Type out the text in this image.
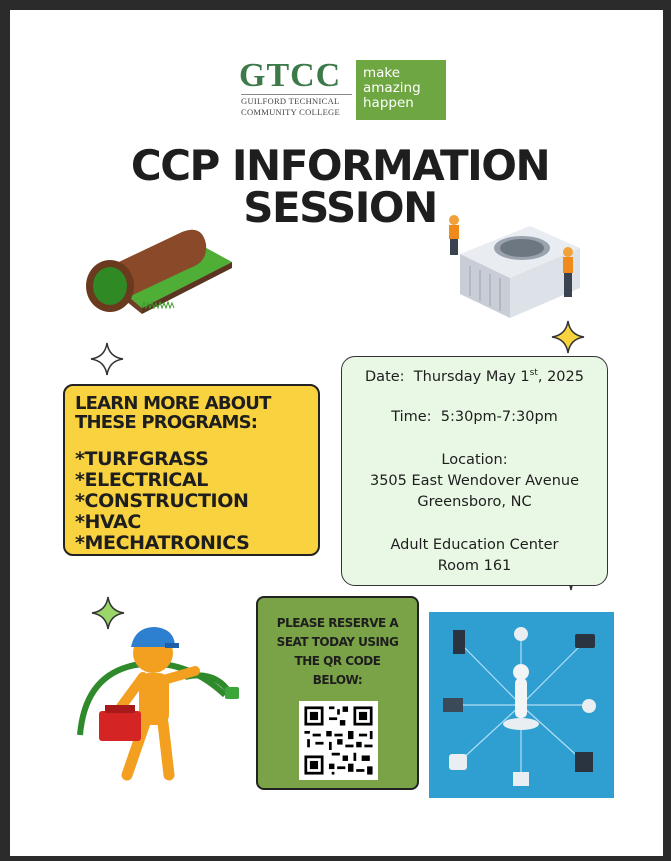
GTCC
GUILFORD TECHNICAL
COMMUNITY COLLEGE
make
amazing
happen
CCP INFORMATION
SESSION
LEARN MORE ABOUT
THESE PROGRAMS:
*TURFGRASS
*ELECTRICAL
*CONSTRUCTION
*HVAC
*MECHATRONICS
Date: Thursday May 1st, 2025
Time: 5:30pm-7:30pm
Location:
3505 East Wendover Avenue
Greensboro, NC
Adult Education Center
Room 161
PLEASE RESERVE A
SEAT TODAY USING
THE QR CODE
BELOW:
